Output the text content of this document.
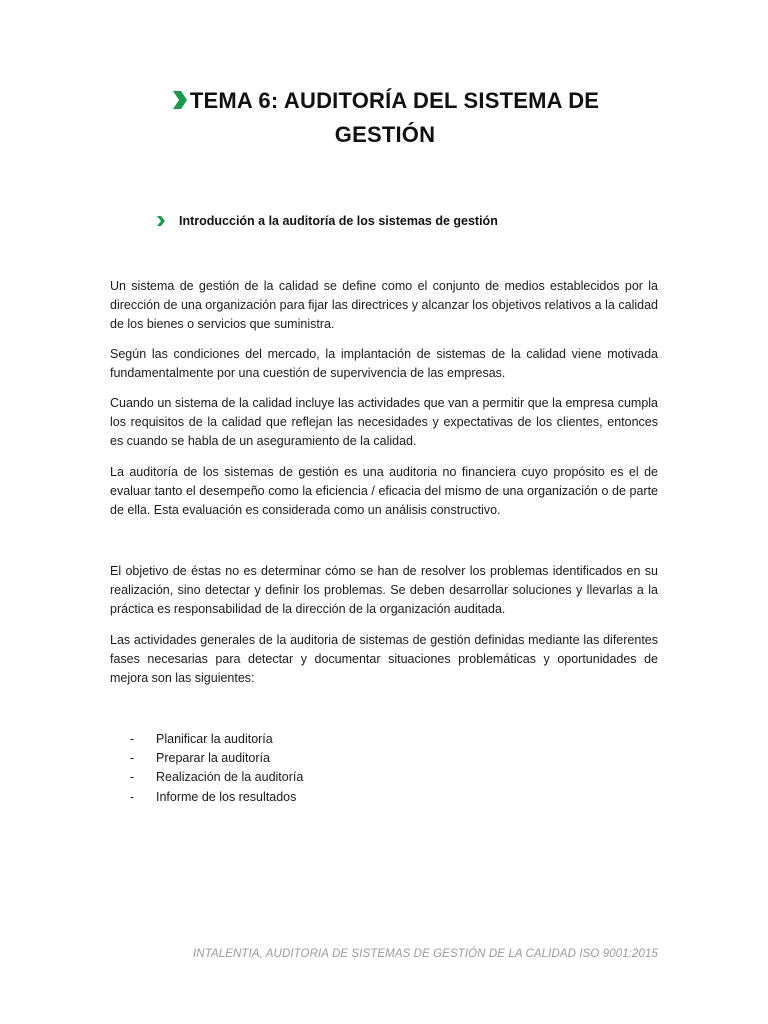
TEMA 6: AUDITORÍA DEL SISTEMA DE GESTIÓN
Introducción a la auditoría de los sistemas de gestión

Un sistema de gestión de la calidad se define como el conjunto de medios establecidos por la dirección de una organización para fijar las directrices y alcanzar los objetivos relativos a la calidad de los bienes o servicios que suministra.

Según las condiciones del mercado, la implantación de sistemas de la calidad viene motivada fundamentalmente por una cuestión de supervivencia de las empresas.

Cuando un sistema de la calidad incluye las actividades que van a permitir que la empresa cumpla los requisitos de la calidad que reflejan las necesidades y expectativas de los clientes, entonces es cuando se habla de un aseguramiento de la calidad.

La auditoría de los sistemas de gestión es una auditoria no financiera cuyo propósito es el de evaluar tanto el desempeño como la eficiencia / eficacia del mismo de una organización o de parte de ella. Esta evaluación es considerada como un análisis constructivo.

El objetivo de éstas no es determinar cómo se han de resolver los problemas identificados en su realización, sino detectar y definir los problemas. Se deben desarrollar soluciones y llevarlas a la práctica es responsabilidad de la dirección de la organización auditada.

Las actividades generales de la auditoria de sistemas de gestión definidas mediante las diferentes fases necesarias para detectar y documentar situaciones problemáticas y oportunidades de mejora son las siguientes:

-	Planificar la auditoría
-	Preparar la auditoría
-	Realización de la auditoría
-	Informe de los resultados
INTALENTIA, AUDITORIA DE SISTEMAS DE GESTIÓN DE LA CALIDAD ISO 9001:2015
